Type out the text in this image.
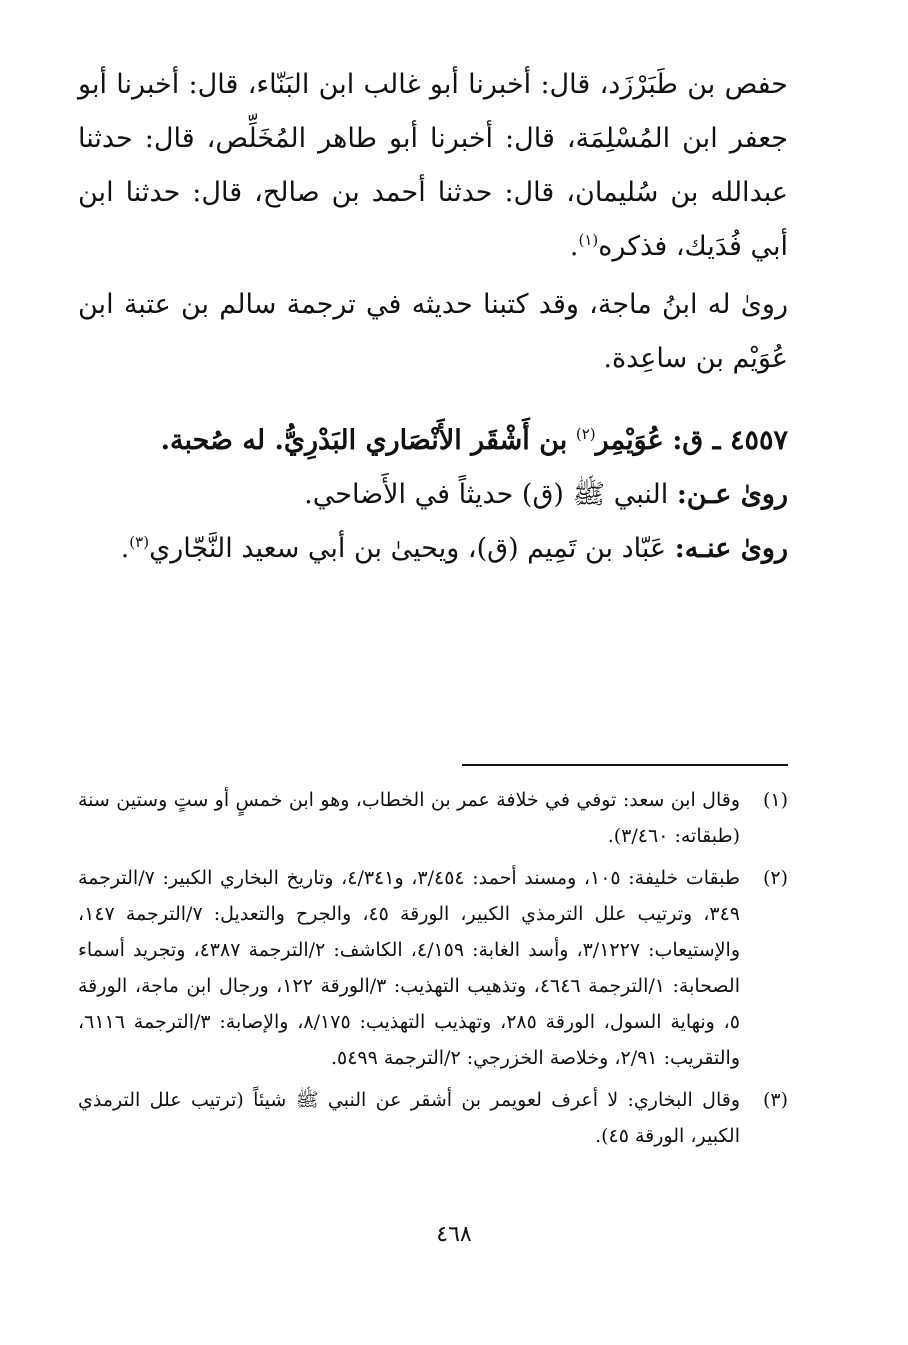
حفص بن طَبَرْزَد، قال: أخبرنا أبو غالب ابن البَنّاء، قال: أخبرنا أبو جعفر ابن المُسْلِمَة، قال: أخبرنا أبو طاهر المُخَلِّص، قال: حدثنا عبدالله بن سُليمان، قال: حدثنا أحمد بن صالح، قال: حدثنا ابن أبي فُدَيك، فذكره$^{(١)}$.

روىٰ له ابنُ ماجة، وقد كتبنا حديثه في ترجمة سالم بن عتبة ابن عُوَيْم بن ساعِدة.

٤٥٥٧ ـ ق: عُوَيْمِر$^{(٢)}$ بن أَشْقَر الأَنْصَاري البَدْرِيُّ. له صُحبة.

روىٰ عـن: النبي ﷺ (ق) حديثاً في الأَضاحي.

روىٰ عنـه: عَبّاد بن تَمِيم (ق)، ويحيىٰ بن أبي سعيد النَّجّاري$^{(٣)}$.

(١)
وقال ابن سعد: توفي في خلافة عمر بن الخطاب، وهو ابن خمسٍ أو ستٍ وستين سنة (طبقاته: ٣/٤٦٠).
(٢)
طبقات خليفة: ١٠٥، ومسند أحمد: ٣/٤٥٤، و٤/٣٤١، وتاريخ البخاري الكبير: ٧/الترجمة ٣٤٩، وترتيب علل الترمذي الكبير، الورقة ٤٥، والجرح والتعديل: ٧/الترجمة ١٤٧، والإستيعاب: ٣/١٢٢٧، وأسد الغابة: ٤/١٥٩، الكاشف: ٢/الترجمة ٤٣٨٧، وتجريد أسماء الصحابة: ١/الترجمة ٤٦٤٦، وتذهيب التهذيب: ٣/الورقة ١٢٢، ورجال ابن ماجة، الورقة ٥، ونهاية السول، الورقة ٢٨٥، وتهذيب التهذيب: ٨/١٧٥، والإصابة: ٣/الترجمة ٦١١٦، والتقريب: ٢/٩١، وخلاصة الخزرجي: ٢/الترجمة ٥٤٩٩.
(٣)
وقال البخاري: لا أعرف لعويمر بن أشقر عن النبي ﷺ شيئاً (ترتيب علل الترمذي الكبير، الورقة ٤٥).
٤٦٨
